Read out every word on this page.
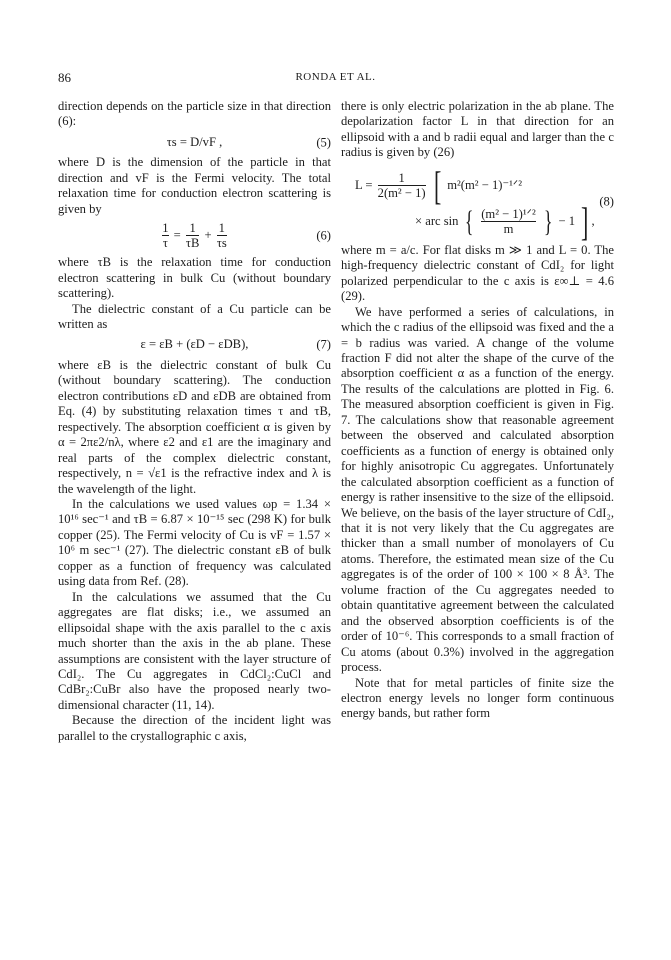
86	RONDA ET AL.

direction depends on the particle size in that direction (6):

τs = D/vF ,	(5)

where D is the dimension of the particle in that direction and vF is the Fermi velocity. The total relaxation time for conduction electron scattering is given by

$\frac{1}{\tau} = \frac{1}{\tau B} + \frac{1}{\tau s}$	(6)

where τB is the relaxation time for conduction electron scattering in bulk Cu (without boundary scattering).

The dielectric constant of a Cu particle can be written as

ε = εB + (εD − εDB),	(7)

where εB is the dielectric constant of bulk Cu (without boundary scattering). The conduction electron contributions εD and εDB are obtained from Eq. (4) by substituting relaxation times τ and τB, respectively. The absorption coefficient α is given by α = 2πε2/nλ, where ε2 and ε1 are the imaginary and real parts of the complex dielectric constant, respectively, n = √ε1 is the refractive index and λ is the wavelength of the light.

In the calculations we used values ωp = 1.34 × 10¹⁶ sec⁻¹ and τB = 6.87 × 10⁻¹⁵ sec (298 K) for bulk copper (25). The Fermi velocity of Cu is vF = 1.57 × 10⁶ m sec⁻¹ (27). The dielectric constant εB of bulk copper as a function of frequency was calculated using data from Ref. (28).

In the calculations we assumed that the Cu aggregates are flat disks; i.e., we assumed an ellipsoidal shape with the axis parallel to the c axis much shorter than the axis in the ab plane. These assumptions are consistent with the layer structure of CdI₂. The Cu aggregates in CdCl₂:CuCl and CdBr₂:CuBr also have the proposed nearly two-dimensional character (11, 14).

Because the direction of the incident light was parallel to the crystallographic c axis,

there is only electric polarization in the ab plane. The depolarization factor L in that direction for an ellipsoid with a and b radii equal and larger than the c radius is given by (26)

$L = \frac{1}{\text{2(m² − 1)}}$ [ m²(m² − 1)⁻¹ᐟ²
× arc sin { $\frac{\text{(m² − 1)¹ᐟ²}}{m}$ } − 1 ] ,
(8)

where m = a/c. For flat disks m ≫ 1 and L = 0. The high-frequency dielectric constant of CdI₂ for light polarized perpendicular to the c axis is ε∞⊥ = 4.6 (29).

We have performed a series of calculations, in which the c radius of the ellipsoid was fixed and the a = b radius was varied. A change of the volume fraction F did not alter the shape of the curve of the absorption coefficient α as a function of the energy. The results of the calculations are plotted in Fig. 6. The measured absorption coefficient is given in Fig. 7. The calculations show that reasonable agreement between the observed and calculated absorption coefficients as a function of energy is obtained only for highly anisotropic Cu aggregates. Unfortunately the calculated absorption coefficient as a function of energy is rather insensitive to the size of the ellipsoid. We believe, on the basis of the layer structure of CdI₂, that it is not very likely that the Cu aggregates are thicker than a small number of monolayers of Cu atoms. Therefore, the estimated mean size of the Cu aggregates is of the order of 100 × 100 × 8 Å³. The volume fraction of the Cu aggregates needed to obtain quantitative agreement between the calculated and the observed absorption coefficients is of the order of 10⁻⁶. This corresponds to a small fraction of Cu atoms (about 0.3%) involved in the aggregation process.

Note that for metal particles of finite size the electron energy levels no longer form continuous energy bands, but rather form
